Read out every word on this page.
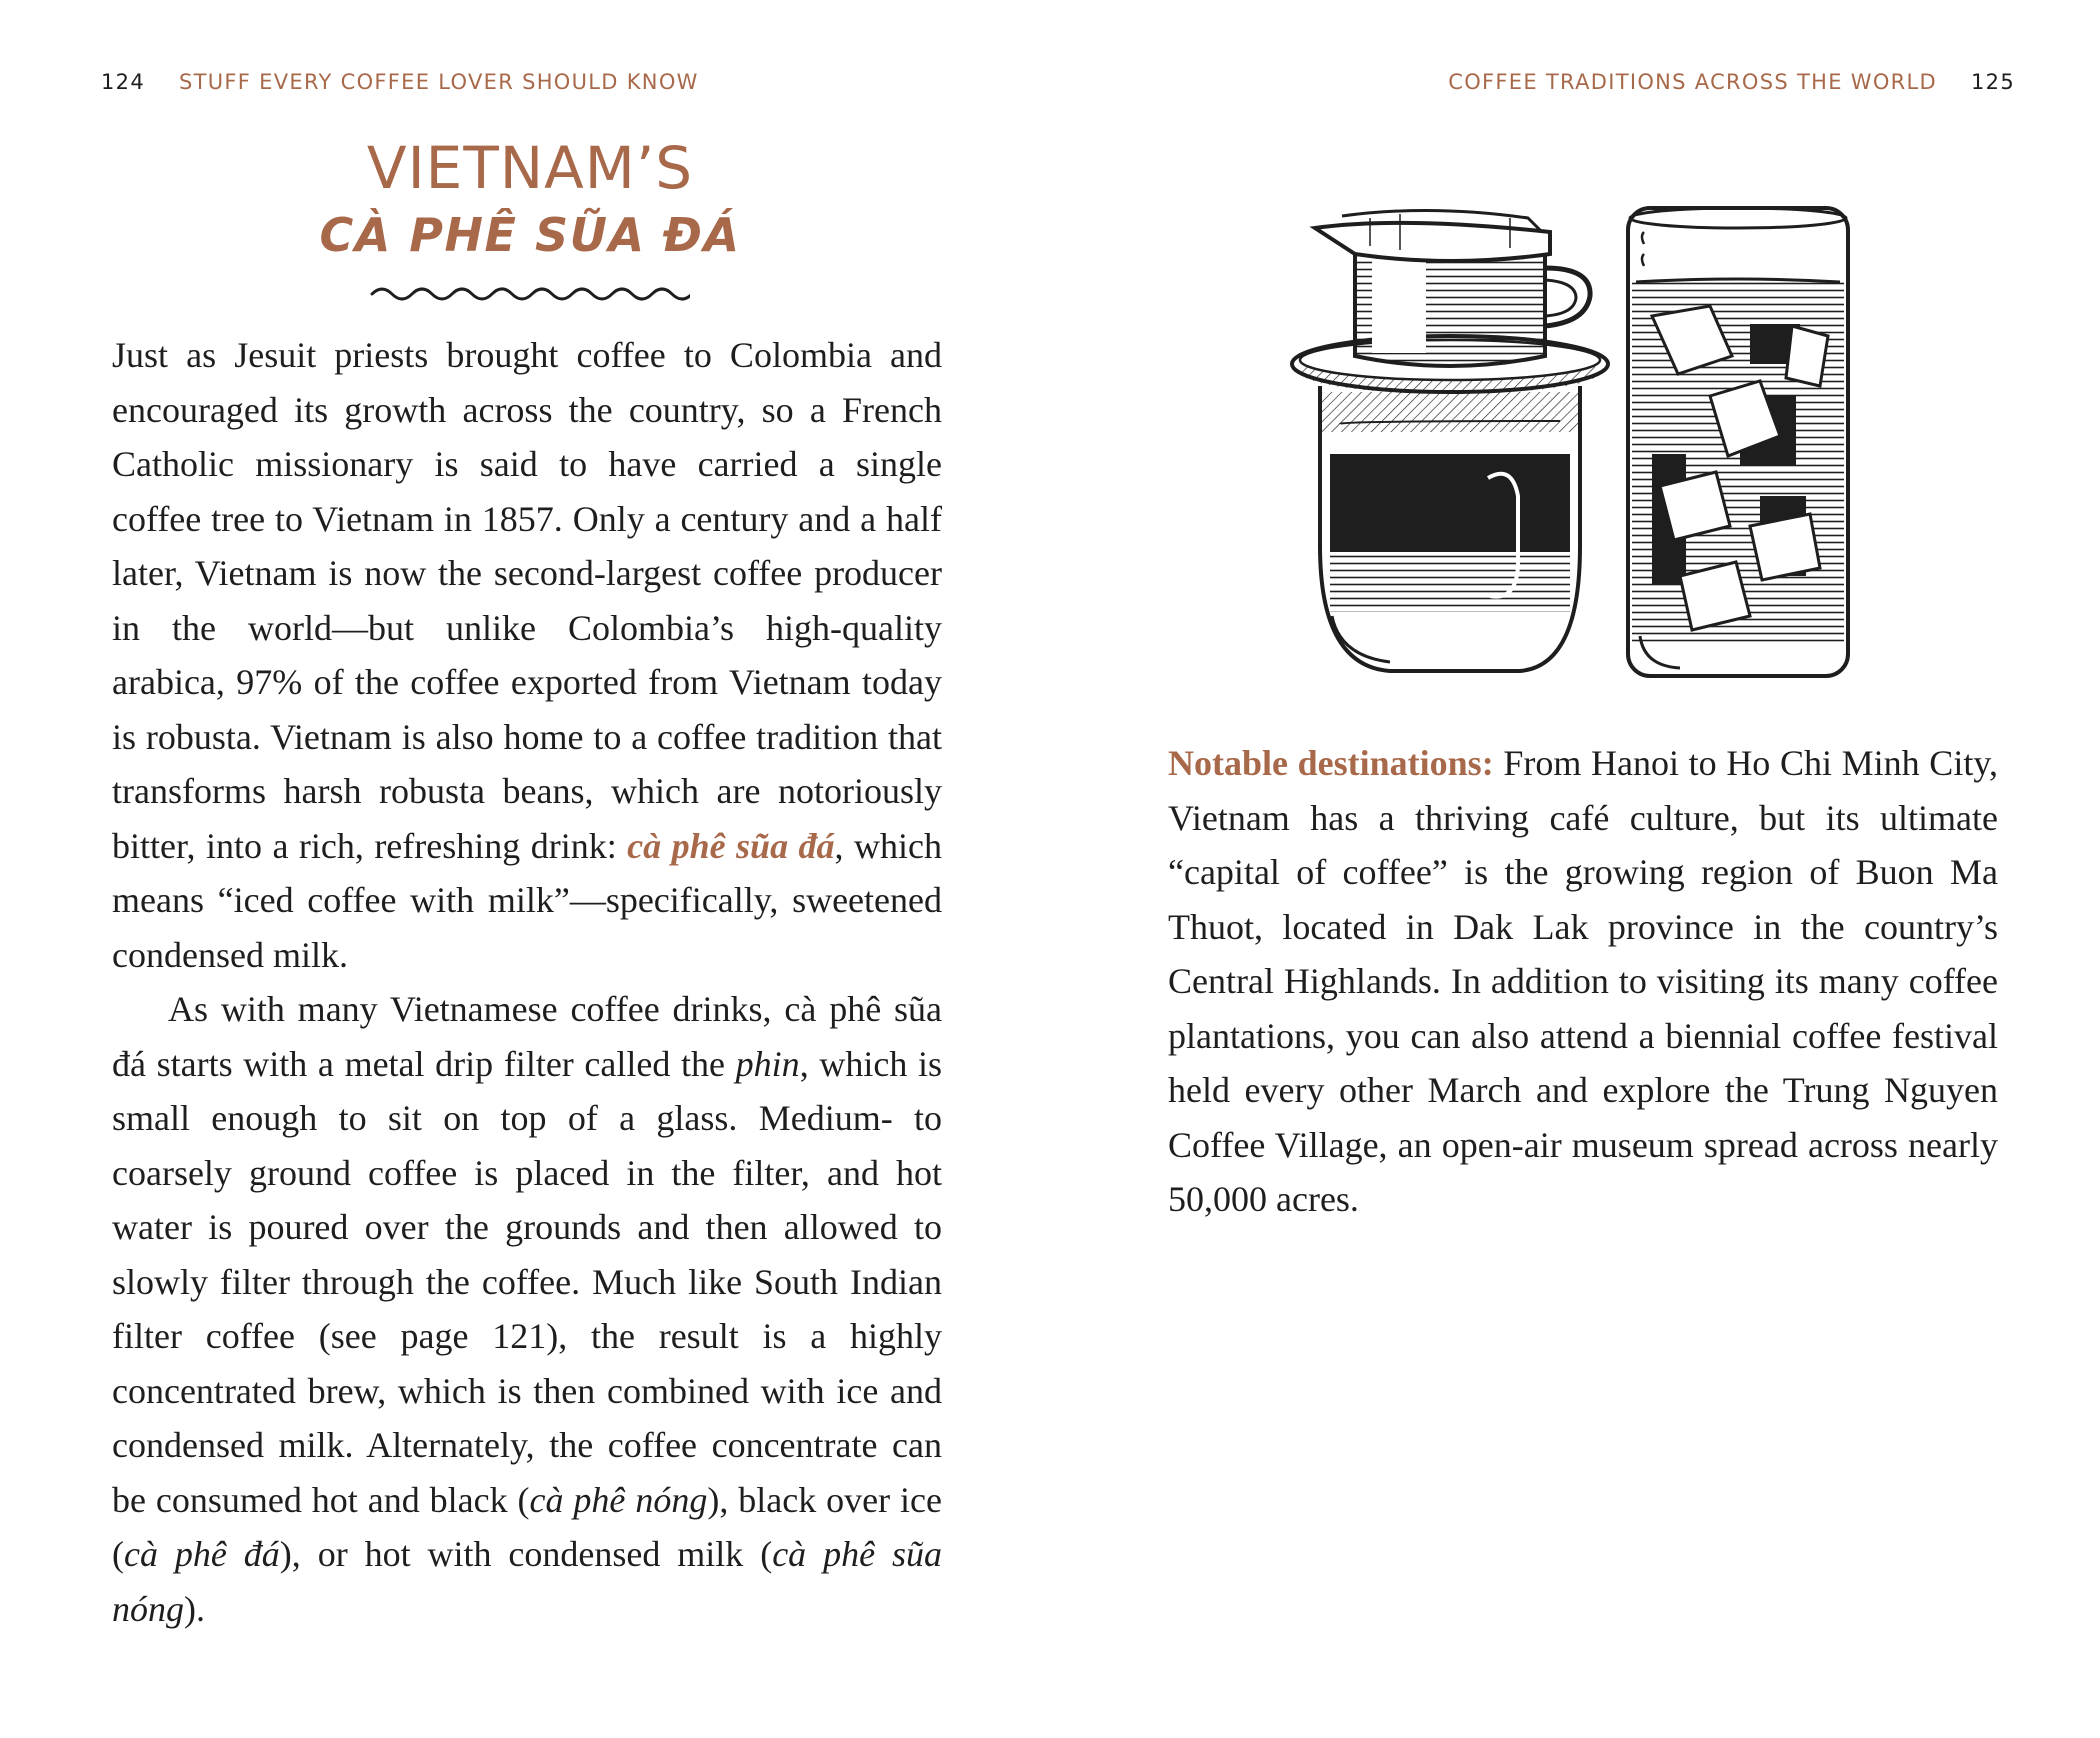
124 STUFF EVERY COFFEE LOVER SHOULD KNOW
VIETNAM’S
CÀ PHÊ SŨA ĐÁ

Just as Jesuit priests brought coffee to Colombia and encouraged its growth across the country, so a French Catholic missionary is said to have carried a single coffee tree to Vietnam in 1857. Only a century and a half later, Vietnam is now the second-largest coffee producer in the world—but unlike Colombia’s high-quality arabica, 97% of the coffee exported from Vietnam today is robusta. Vietnam is also home to a coffee tradition that transforms harsh robusta beans, which are notoriously bitter, into a rich, refreshing drink: cà phê sũa đá, which means “iced coffee with milk”—specifically, sweetened condensed milk.

As with many Vietnamese coffee drinks, cà phê sũa đá starts with a metal drip filter called the phin, which is small enough to sit on top of a glass. Medium- to coarsely ground coffee is placed in the filter, and hot water is poured over the grounds and then allowed to slowly filter through the coffee. Much like South Indian filter coffee (see page 121), the result is a highly concentrated brew, which is then combined with ice and condensed milk. Alternately, the coffee concentrate can be consumed hot and black (cà phê nóng), black over ice (cà phê đá), or hot with condensed milk (cà phê sũa nóng).

COFFEE TRADITIONS ACROSS THE WORLD 125

Notable destinations: From Hanoi to Ho Chi Minh City, Vietnam has a thriving café culture, but its ultimate “capital of coffee” is the growing region of Buon Ma Thuot, located in Dak Lak province in the country’s Central Highlands. In addition to visiting its many coffee plantations, you can also attend a biennial coffee festival held every other March and explore the Trung Nguyen Coffee Village, an open-air museum spread across nearly 50,000 acres.
